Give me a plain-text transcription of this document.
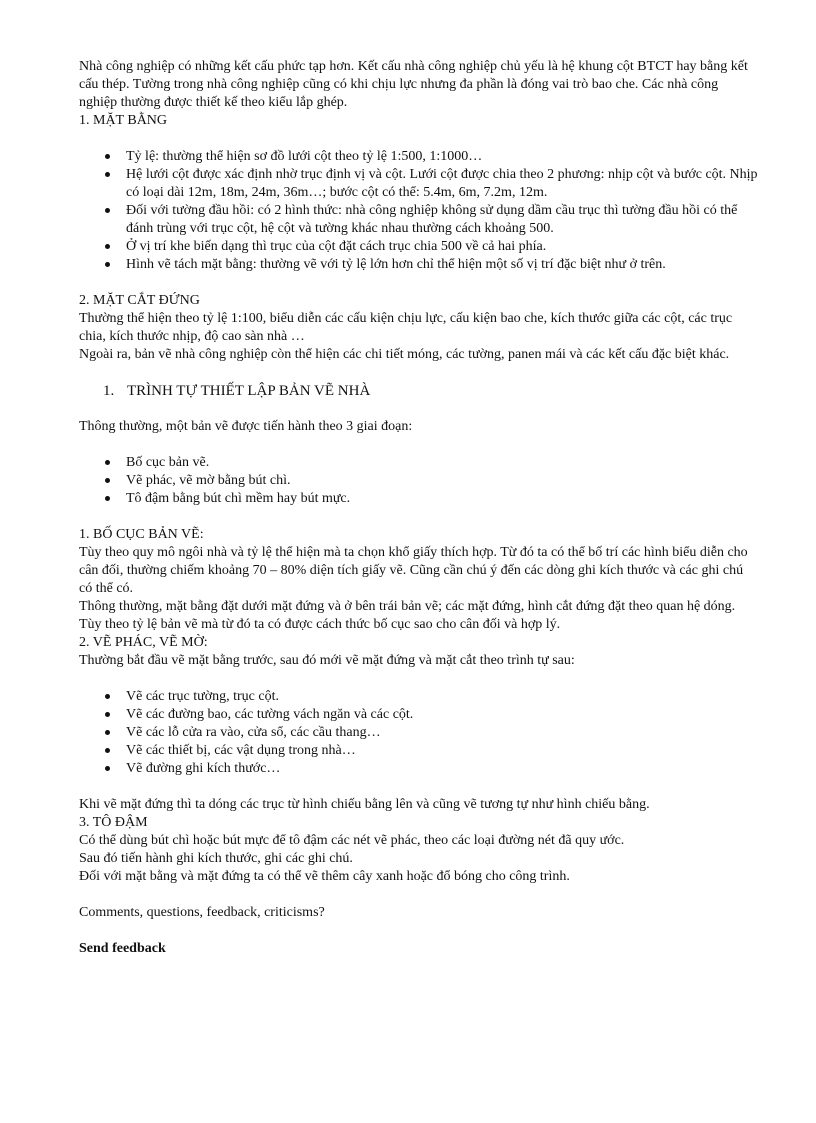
Nhà công nghiệp có những kết cấu phức tạp hơn. Kết cấu nhà công nghiệp chủ yếu là hệ khung cột BTCT hay bằng kết cấu thép. Tường trong nhà công nghiệp cũng có khi chịu lực nhưng đa phần là đóng vai trò bao che. Các nhà công nghiệp thường được thiết kế theo kiểu lắp ghép.

1. MẶT BẰNG

Tỷ lệ: thường thể hiện sơ đồ lưới cột theo tỷ lệ 1:500, 1:1000…
Hệ lưới cột được xác định nhờ trục định vị và cột. Lưới cột được chia theo 2 phương: nhịp cột và bước cột. Nhịp có loại dài 12m, 18m, 24m, 36m…; bước cột có thể: 5.4m, 6m, 7.2m, 12m.
Đối với tường đầu hồi: có 2 hình thức: nhà công nghiệp không sử dụng dầm cầu trục thì tường đầu hồi có thể đánh trùng với trục cột, hệ cột và tường khác nhau thường cách khoảng 500.
Ở vị trí khe biến dạng thì trục của cột đặt cách trục chia 500 về cả hai phía.
Hình vẽ tách mặt bằng: thường vẽ với tỷ lệ lớn hơn chỉ thể hiện một số vị trí đặc biệt như ở trên.

2. MẶT CẮT ĐỨNG

Thường thể hiện theo tỷ lệ 1:100, biểu diễn các cấu kiện chịu lực, cấu kiện bao che, kích thước giữa các cột, các trục chia, kích thước nhịp, độ cao sàn nhà …

Ngoài ra, bản vẽ nhà công nghiệp còn thể hiện các chi tiết móng, các tường, panen mái và các kết cấu đặc biệt khác.

1. TRÌNH TỰ THIẾT LẬP BẢN VẼ NHÀ

Thông thường, một bản vẽ được tiến hành theo 3 giai đoạn:

Bố cục bản vẽ.
Vẽ phác, vẽ mờ bằng bút chì.
Tô đậm bằng bút chì mềm hay bút mực.

1. BỐ CỤC BẢN VẼ:

Tùy theo quy mô ngôi nhà và tỷ lệ thể hiện mà ta chọn khổ giấy thích hợp. Từ đó ta có thể bố trí các hình biểu diễn cho cân đối, thường chiếm khoảng 70 – 80% diện tích giấy vẽ. Cũng cần chú ý đến các dòng ghi kích thước và các ghi chú có thể có.

Thông thường, mặt bằng đặt dưới mặt đứng và ở bên trái bản vẽ; các mặt đứng, hình cắt đứng đặt theo quan hệ dóng.

Tùy theo tỷ lệ bản vẽ mà từ đó ta có được cách thức bố cục sao cho cân đối và hợp lý.

2. VẼ PHÁC, VẼ MỜ:

Thường bắt đầu vẽ mặt bằng trước, sau đó mới vẽ mặt đứng và mặt cắt theo trình tự sau:

Vẽ các trục tường, trục cột.
Vẽ các đường bao, các tường vách ngăn và các cột.
Vẽ các lỗ cửa ra vào, cửa sổ, các cầu thang…
Vẽ các thiết bị, các vật dụng trong nhà…
Vẽ đường ghi kích thước…

Khi vẽ mặt đứng thì ta dóng các trục từ hình chiếu bằng lên và cũng vẽ tương tự như hình chiếu bằng.

3. TÔ ĐẬM

Có thể dùng bút chì hoặc bút mực để tô đậm các nét vẽ phác, theo các loại đường nét đã quy ước.

Sau đó tiến hành ghi kích thước, ghi các ghi chú.

Đối với mặt bằng và mặt đứng ta có thể vẽ thêm cây xanh hoặc đổ bóng cho công trình.

Comments, questions, feedback, criticisms?

Send feedback
